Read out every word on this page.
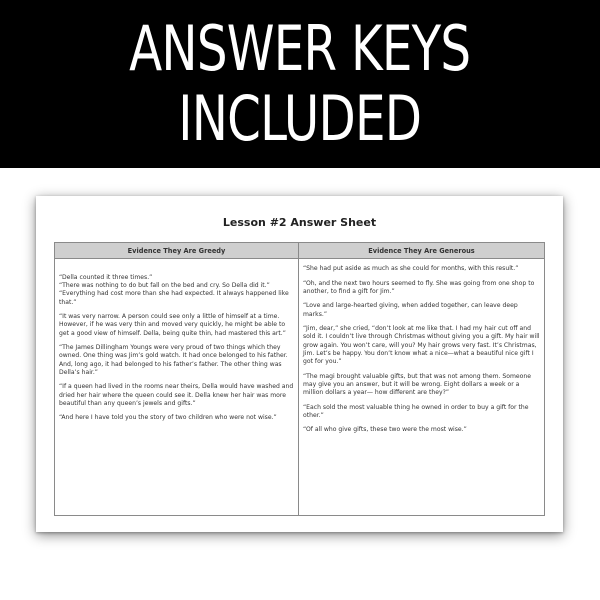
ANSWER KEYS
INCLUDED
Lesson #2 Answer Sheet
Evidence They Are Greedy	Evidence They Are Generous

“Della counted it three times.”
“There was nothing to do but fall on the bed and cry. So Della did it.”
“Everything had cost more than she had expected. It always happened like that.”

“It was very narrow. A person could see only a little of himself at a time. However, if he was very thin and moved very quickly, he might be able to get a good view of himself. Della, being quite thin, had mastered this art.”

“The James Dillingham Youngs were very proud of two things which they owned. One thing was Jim’s gold watch. It had once belonged to his father. And, long ago, it had belonged to his father’s father. The other thing was Della’s hair.”

“If a queen had lived in the rooms near theirs, Della would have washed and dried her hair where the queen could see it. Della knew her hair was more beautiful than any queen’s jewels and gifts.”

“And here I have told you the story of two children who were not wise.”

“She had put aside as much as she could for months, with this result.”

“Oh, and the next two hours seemed to fly. She was going from one shop to another, to find a gift for Jim.”

“Love and large-hearted giving, when added together, can leave deep marks.”

“Jim, dear,” she cried, “don’t look at me like that. I had my hair cut off and sold it. I couldn’t live through Christmas without giving you a gift. My hair will grow again. You won’t care, will you? My hair grows very fast. It’s Christmas, Jim. Let’s be happy. You don’t know what a nice—what a beautiful nice gift I got for you.”

“The magi brought valuable gifts, but that was not among them. Someone may give you an answer, but it will be wrong. Eight dollars a week or a million dollars a year— how different are they?”

“Each sold the most valuable thing he owned in order to buy a gift for the other.”

“Of all who give gifts, these two were the most wise.”
